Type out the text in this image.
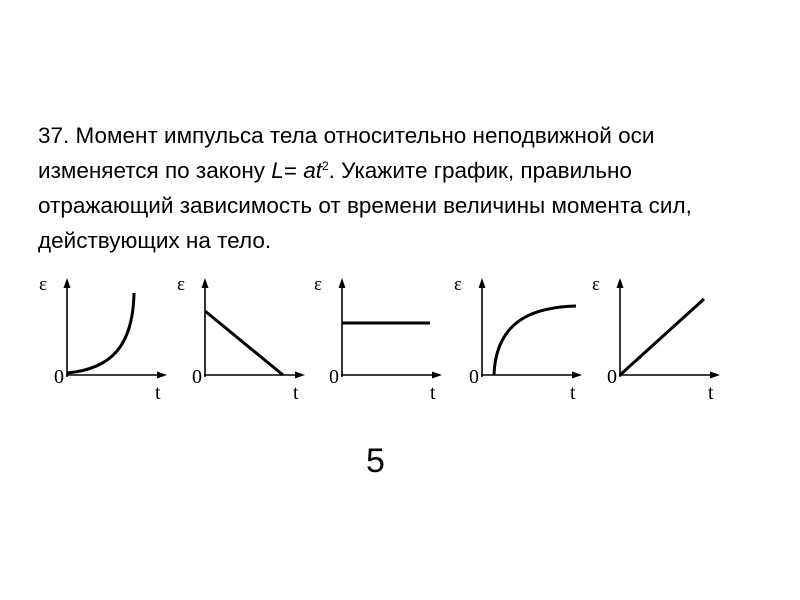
37. Момент импульса тела относительно неподвижной оси изменяется по закону $L= at^2$. Укажите график, правильно отражающий зависимость от времени величины момента сил, действующих на тело.

ε
0
t
ε
0
t
ε
0
t
ε
0
t
ε
0
t
5
